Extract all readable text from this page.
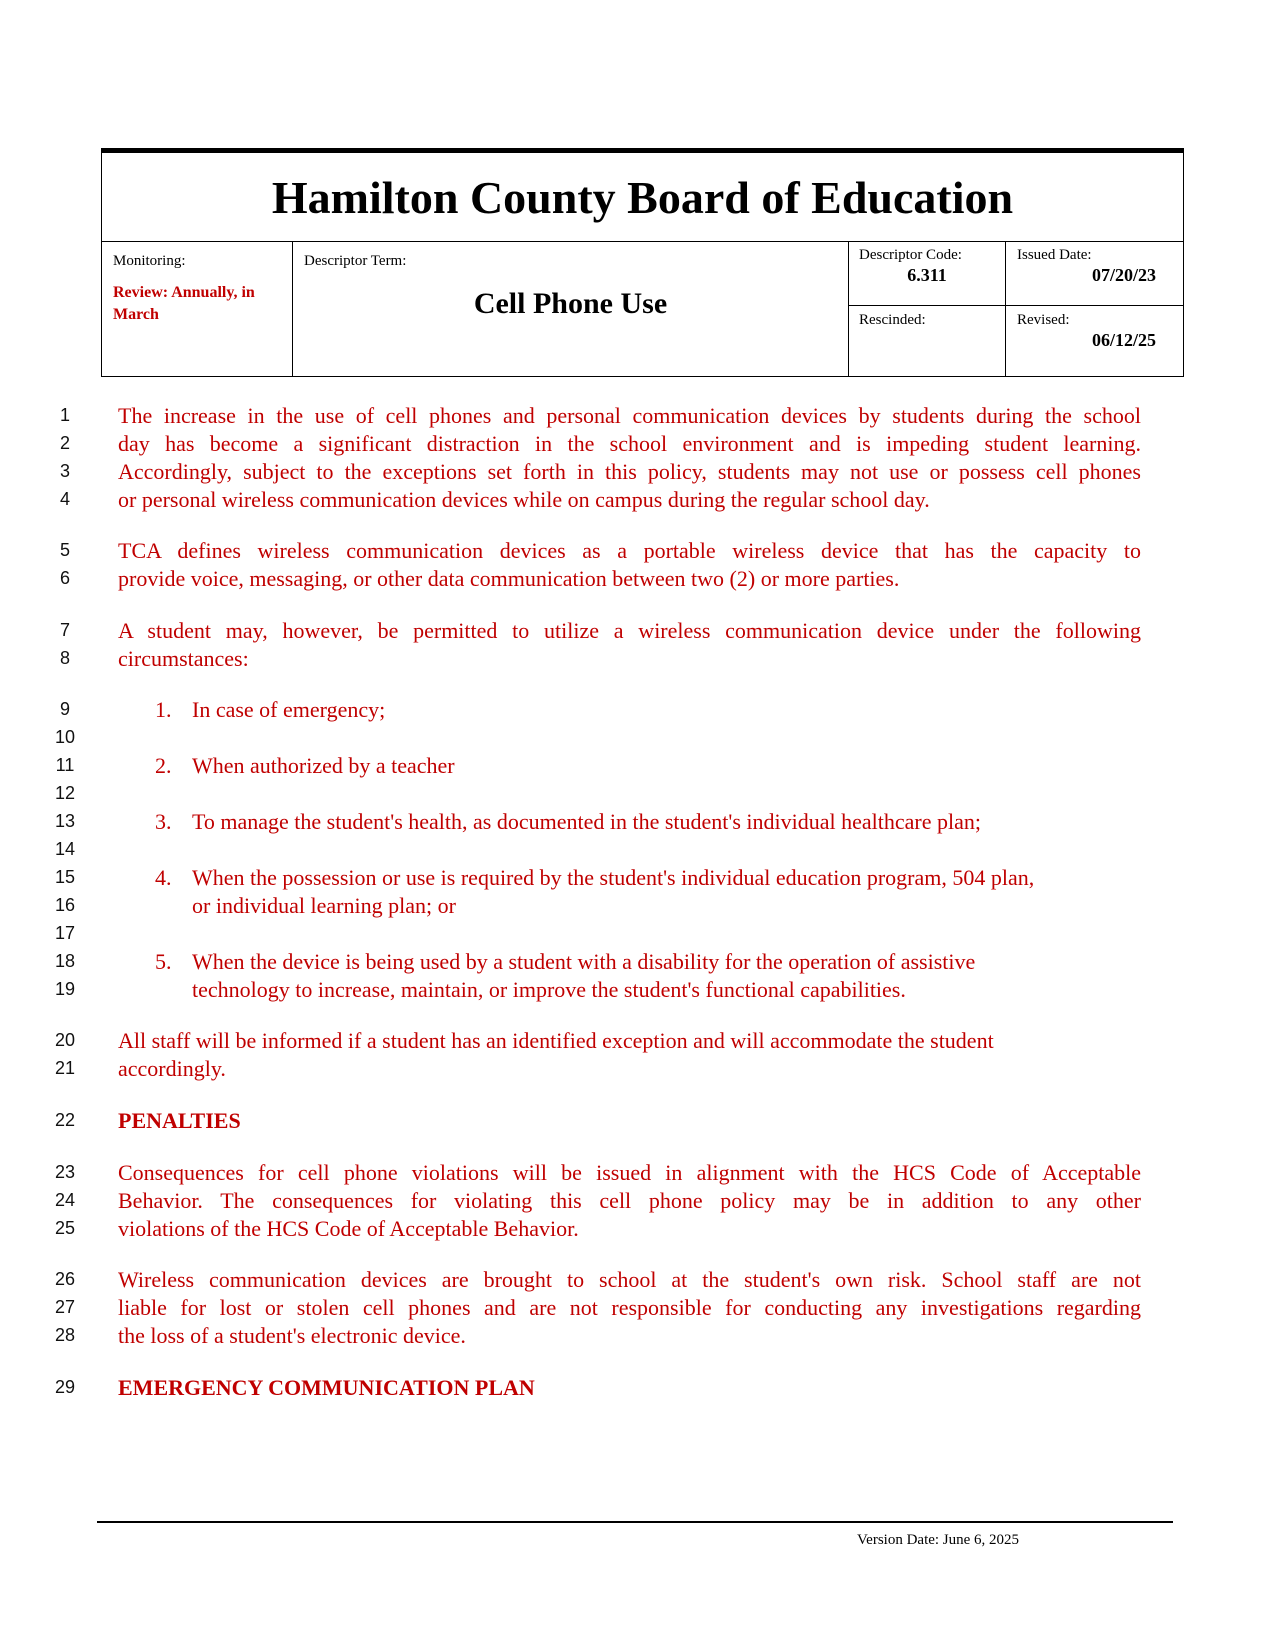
Hamilton County Board of Education
Monitoring:
Review: Annually, in March
Descriptor Term:
Cell Phone Use
Descriptor Code:
6.311
Issued Date:
07/20/23
Rescinded:	Revised:
06/12/25
1
2
3
4
5
6
7
8
9
10
11
12
13
14
15
16
17
18
19
20
21
22
23
24
25
26
27
28
29
The increase in the use of cell phones and personal communication devices by students during the school
day has become a significant distraction in the school environment and is impeding student learning.
Accordingly, subject to the exceptions set forth in this policy, students may not use or possess cell phones
or personal wireless communication devices while on campus during the regular school day.
TCA defines wireless communication devices as a portable wireless device that has the capacity to
provide voice, messaging, or other data communication between two (2) or more parties.
A student may, however, be permitted to utilize a wireless communication device under the following
circumstances:
1. In case of emergency;
2. When authorized by a teacher
3. To manage the student's health, as documented in the student's individual healthcare plan;
4. When the possession or use is required by the student's individual education program, 504 plan,
or individual learning plan; or
5. When the device is being used by a student with a disability for the operation of assistive
technology to increase, maintain, or improve the student's functional capabilities.
All staff will be informed if a student has an identified exception and will accommodate the student
accordingly.
PENALTIES
Consequences for cell phone violations will be issued in alignment with the HCS Code of Acceptable
Behavior. The consequences for violating this cell phone policy may be in addition to any other
violations of the HCS Code of Acceptable Behavior.
Wireless communication devices are brought to school at the student's own risk. School staff are not
liable for lost or stolen cell phones and are not responsible for conducting any investigations regarding
the loss of a student's electronic device.
EMERGENCY COMMUNICATION PLAN
Version Date: June 6, 2025
